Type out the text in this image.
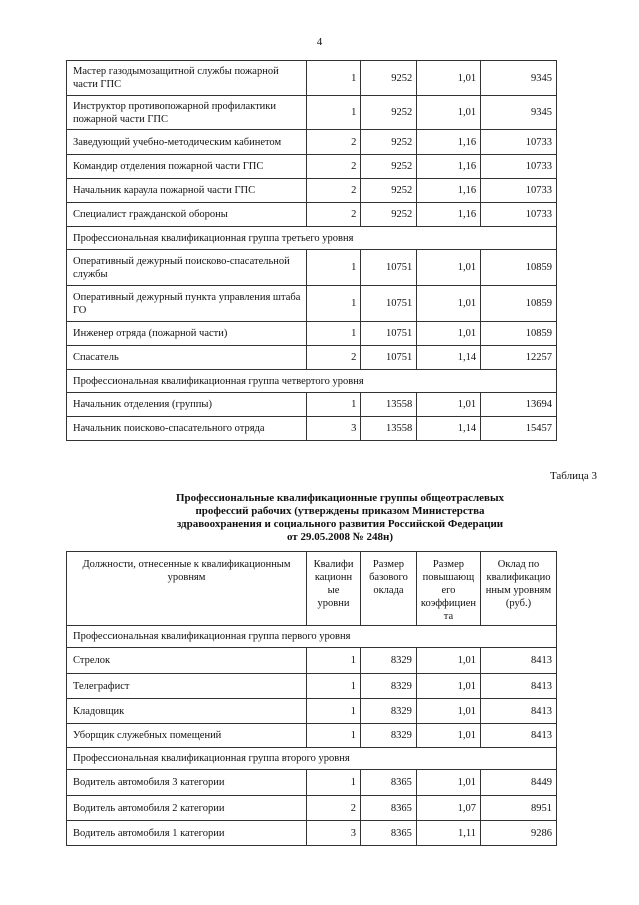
4
Мастер газодымозащитной службы пожарной части ГПС	1	9252	1,01	9345
Инструктор противопожарной профилактики пожарной части ГПС	1	9252	1,01	9345
Заведующий учебно-методическим кабинетом	2	9252	1,16	10733
Командир отделения пожарной части ГПС	2	9252	1,16	10733
Начальник караула пожарной части ГПС	2	9252	1,16	10733
Специалист гражданской обороны	2	9252	1,16	10733
Профессиональная квалификационная группа третьего уровня				
Оперативный дежурный поисково-спасательной службы	1	10751	1,01	10859
Оперативный дежурный пункта управления штаба ГО	1	10751	1,01	10859
Инженер отряда (пожарной части)	1	10751	1,01	10859
Спасатель	2	10751	1,14	12257
Профессиональная квалификационная группа четвертого уровня				
Начальник отделения (группы)	1	13558	1,01	13694
Начальник поисково-спасательного отряда	3	13558	1,14	15457
Таблица 3
Профессиональные квалификационные группы общеотраслевых
профессий рабочих (утверждены приказом Министерства
здравоохранения и социального развития Российской Федерации
от 29.05.2008 № 248н)
Должности, отнесенные к квалификационным уровням	Квалифи кационн ые уровни	Размер базового оклада	Размер повышающ его коэффициен та	Оклад по квалификацио нным уровням (руб.)
Профессиональная квалификационная группа первого уровня				
Стрелок	1	8329	1,01	8413
Телеграфист	1	8329	1,01	8413
Кладовщик	1	8329	1,01	8413
Уборщик служебных помещений	1	8329	1,01	8413
Профессиональная квалификационная группа второго уровня				
Водитель автомобиля 3 категории	1	8365	1,01	8449
Водитель автомобиля 2 категории	2	8365	1,07	8951
Водитель автомобиля 1 категории	3	8365	1,11	9286
